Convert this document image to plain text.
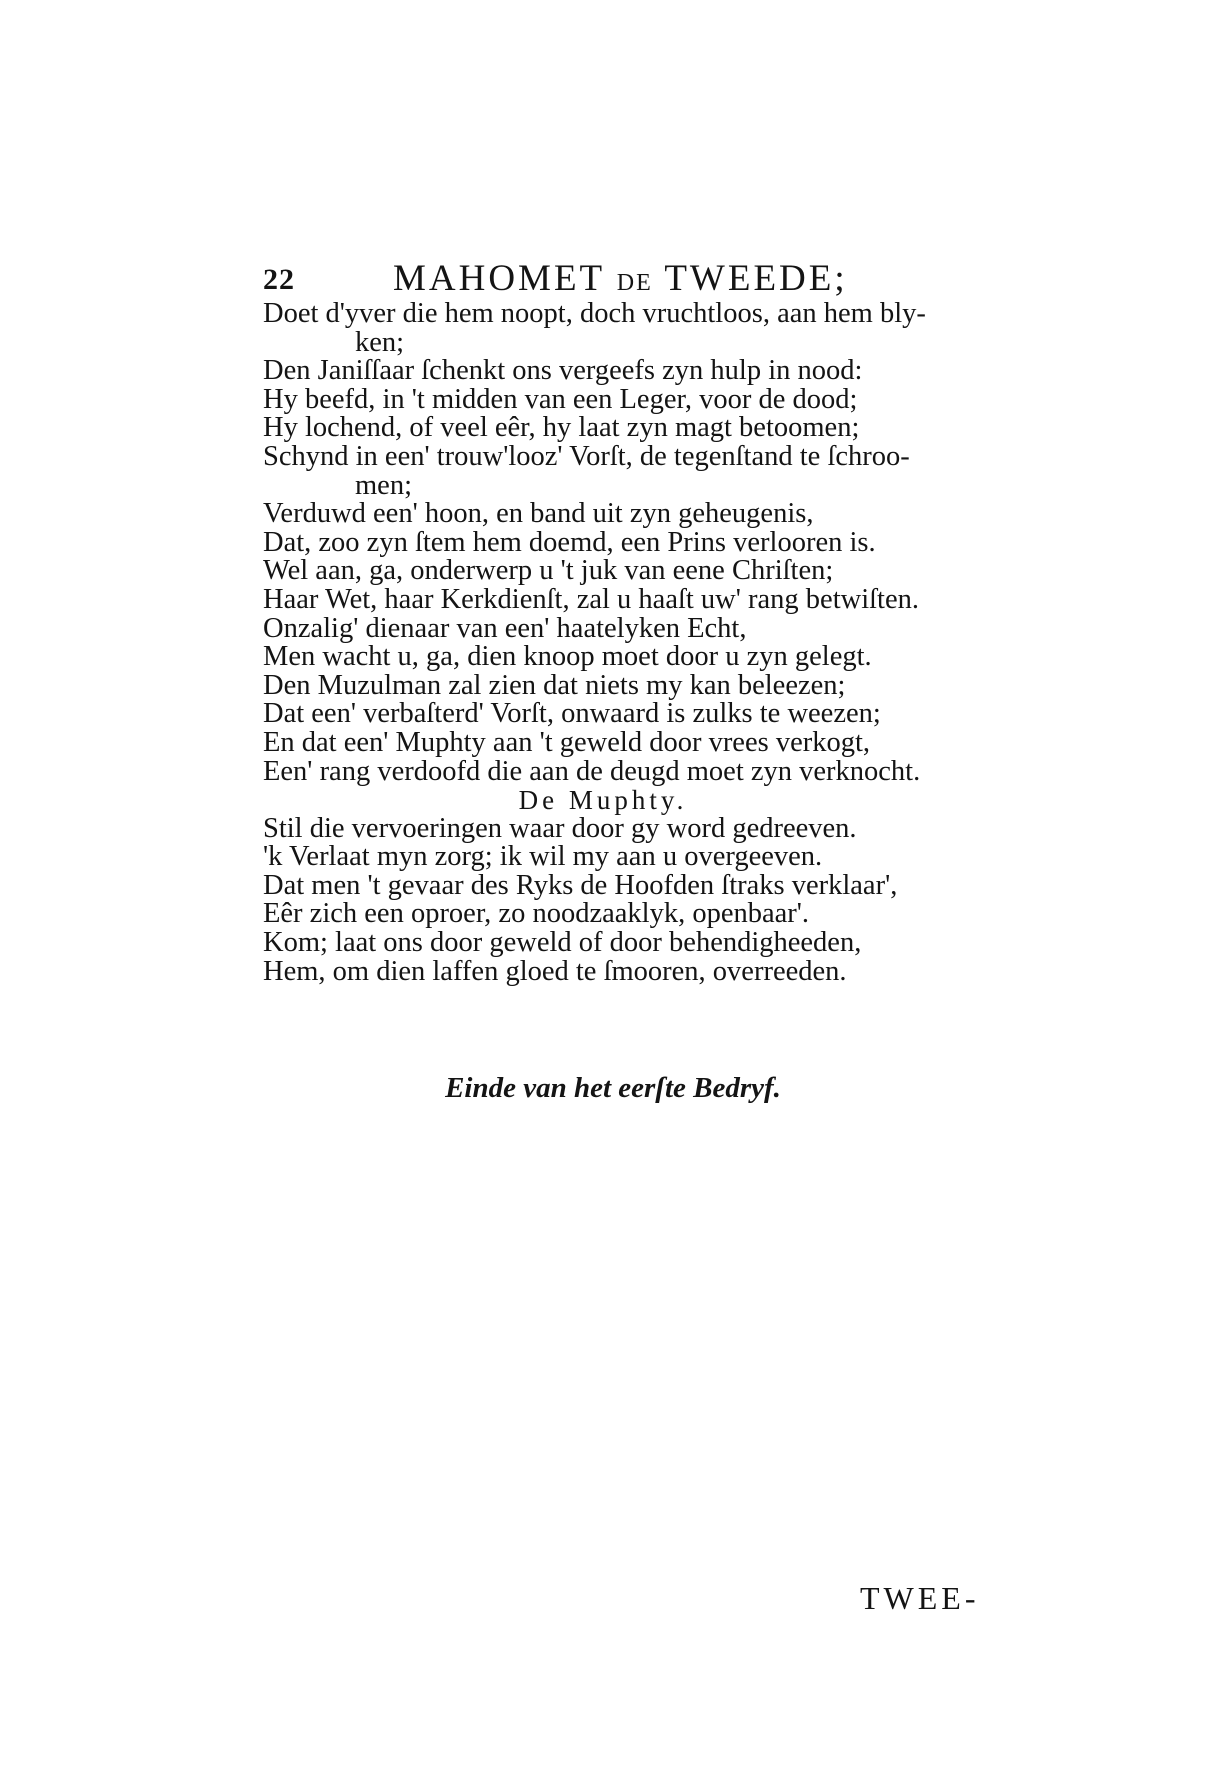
22	MAHOMET DE TWEEDE;
Doet d'yver die hem noopt, doch vruchtloos, aan hem bly-
ken;
Den Janiſſaar ſchenkt ons vergeefs zyn hulp in nood:
Hy beefd, in 't midden van een Leger, voor de dood;
Hy lochend, of veel eêr, hy laat zyn magt betoomen;
Schynd in een' trouw'looz' Vorſt, de tegenſtand te ſchroo-
men;
Verduwd een' hoon, en band uit zyn geheugenis,
Dat, zoo zyn ſtem hem doemd, een Prins verlooren is.
Wel aan, ga, onderwerp u 't juk van eene Chriſten;
Haar Wet, haar Kerkdienſt, zal u haaſt uw' rang betwiſten.
Onzalig' dienaar van een' haatelyken Echt,
Men wacht u, ga, dien knoop moet door u zyn gelegt.
Den Muzulman zal zien dat niets my kan beleezen;
Dat een' verbaſterd' Vorſt, onwaard is zulks te weezen;
En dat een' Muphty aan 't geweld door vrees verkogt,
Een' rang verdoofd die aan de deugd moet zyn verknocht.
De Muphty.
Stil die vervoeringen waar door gy word gedreeven.
'k Verlaat myn zorg; ik wil my aan u overgeeven.
Dat men 't gevaar des Ryks de Hoofden ſtraks verklaar',
Eêr zich een oproer, zo noodzaaklyk, openbaar'.
Kom; laat ons door geweld of door behendigheeden,
Hem, om dien laffen gloed te ſmooren, overreeden.
Einde van het eerſte Bedryf.
TWEE-
